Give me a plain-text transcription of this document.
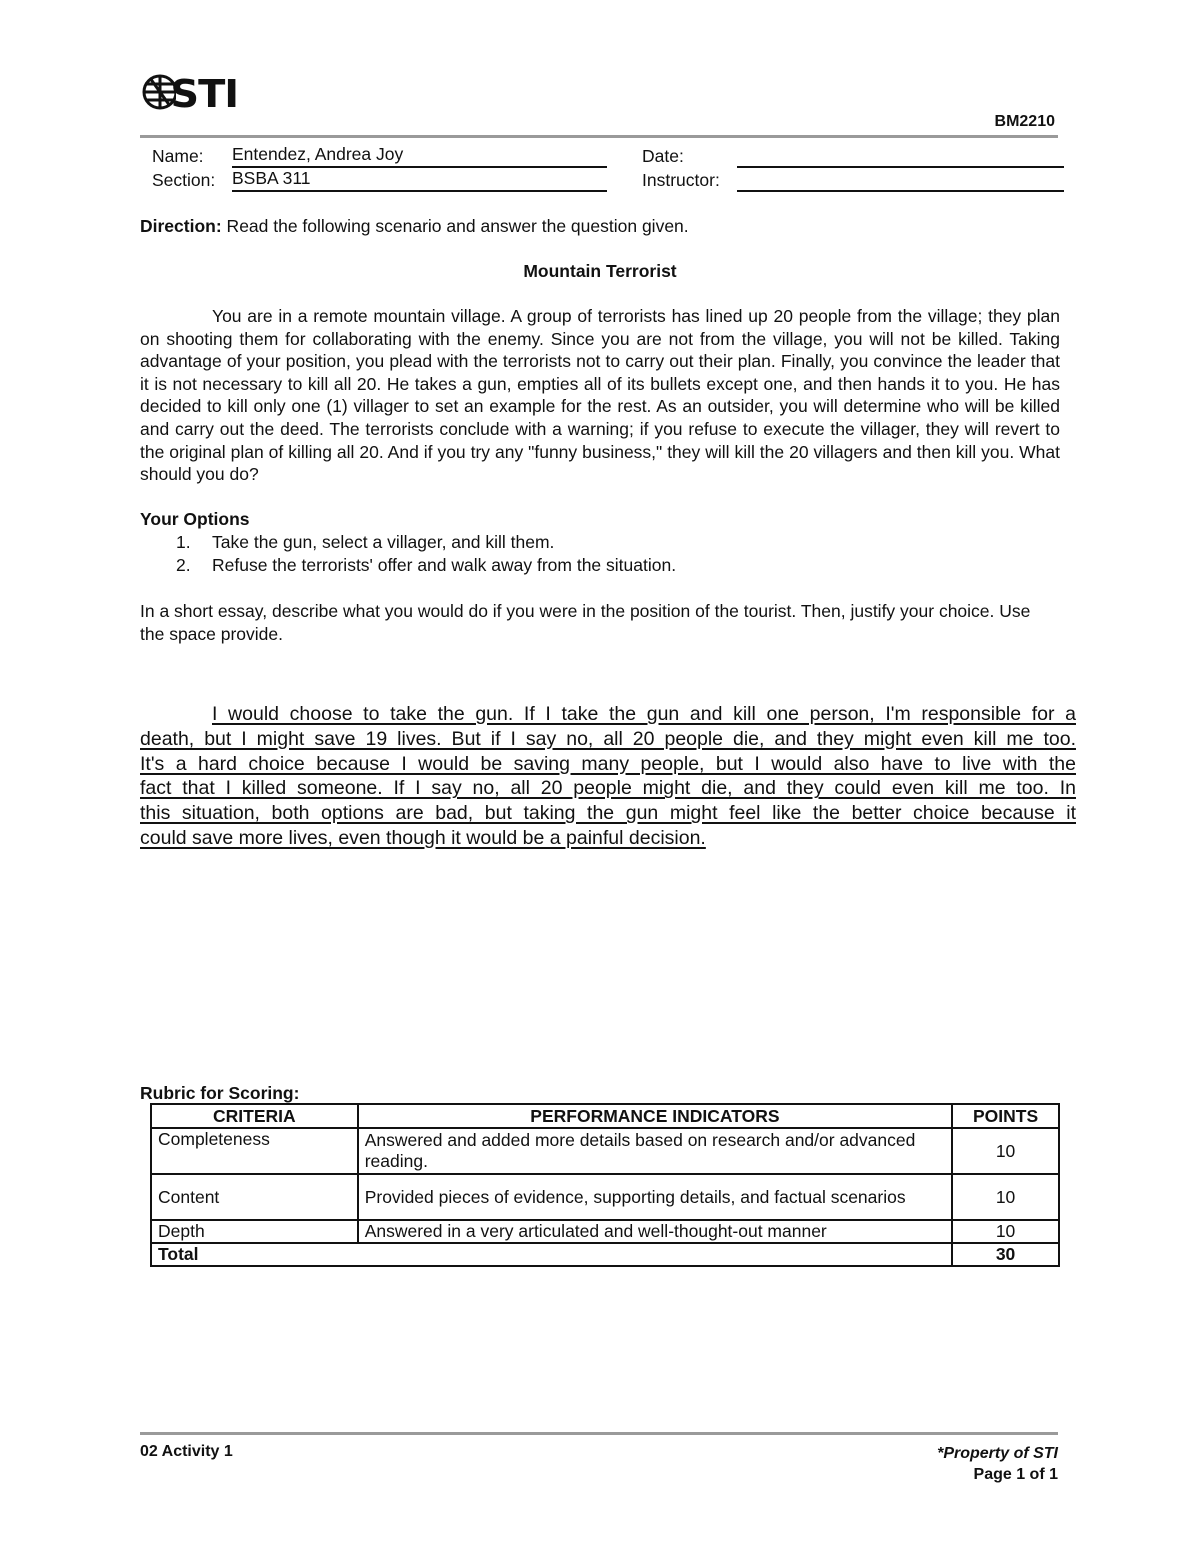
STI
BM2210
Name: Entendez, Andrea Joy
Section: BSBA 311
Date:
Instructor:
Direction: Read the following scenario and answer the question given.
Mountain Terrorist
You are in a remote mountain village. A group of terrorists has lined up 20 people from the village; they plan on shooting them for collaborating with the enemy. Since you are not from the village, you will not be killed. Taking advantage of your position, you plead with the terrorists not to carry out their plan. Finally, you convince the leader that it is not necessary to kill all 20. He takes a gun, empties all of its bullets except one, and then hands it to you. He has decided to kill only one (1) villager to set an example for the rest. As an outsider, you will determine who will be killed and carry out the deed. The terrorists conclude with a warning; if you refuse to execute the villager, they will revert to the original plan of killing all 20. And if you try any "funny business," they will kill the 20 villagers and then kill you. What should you do?
Your Options
1. Take the gun, select a villager, and kill them.
2. Refuse the terrorists' offer and walk away from the situation.
In a short essay, describe what you would do if you were in the position of the tourist. Then, justify your choice. Use the space provide.
I would choose to take the gun. If I take the gun and kill one person, I'm responsible for a
death, but I might save 19 lives. But if I say no, all 20 people die, and they might even kill me too.
It's a hard choice because I would be saving many people, but I would also have to live with the
fact that I killed someone. If I say no, all 20 people might die, and they could even kill me too. In
this situation, both options are bad, but taking the gun might feel like the better choice because it
could save more lives, even though it would be a painful decision.
Rubric for Scoring:
CRITERIA	PERFORMANCE INDICATORS	POINTS
Completeness	Answered and added more details based on research and/or advanced reading.	10
Content	Provided pieces of evidence, supporting details, and factual scenarios	10
Depth	Answered in a very articulated and well-thought-out manner	10
Total		30
02 Activity 1	*Property of STI
Page 1 of 1
